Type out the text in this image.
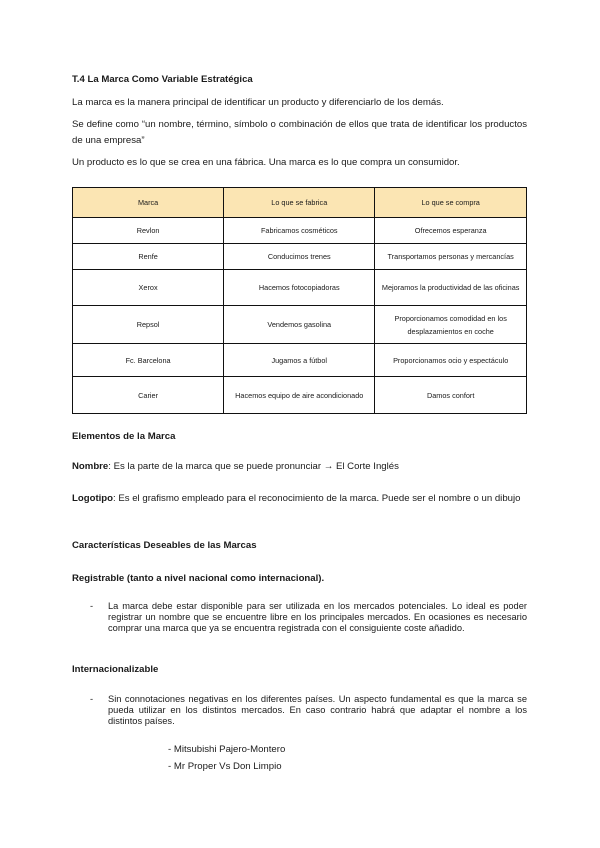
T.4 La Marca Como Variable Estratégica
La marca es la manera principal de identificar un producto y diferenciarlo de los demás.
Se define como “un nombre, término, símbolo o combinación de ellos que trata de identificar los productos de una empresa”
Un producto es lo que se crea en una fábrica. Una marca es lo que compra un consumidor.
Marca	Lo que se fabrica	Lo que se compra
Revlon	Fabricamos cosméticos	Ofrecemos esperanza
Renfe	Conducimos trenes	Transportamos personas y mercancías
Xerox	Hacemos fotocopiadoras	Mejoramos la productividad de las oficinas
Repsol	Vendemos gasolina	Proporcionamos comodidad en los desplazamientos en coche
Fc. Barcelona	Jugamos a fútbol	Proporcionamos ocio y espectáculo
Carier	Hacemos equipo de aire acondicionado	Damos confort
Elementos de la Marca
Nombre: Es la parte de la marca que se puede pronunciar → El Corte Inglés
Logotipo: Es el grafismo empleado para el reconocimiento de la marca. Puede ser el nombre o un dibujo
Características Deseables de las Marcas
Registrable (tanto a nivel nacional como internacional).
- La marca debe estar disponible para ser utilizada en los mercados potenciales. Lo ideal es poder registrar un nombre que se encuentre libre en los principales mercados. En ocasiones es necesario comprar una marca que ya se encuentra registrada con el consiguiente coste añadido.
Internacionalizable
- Sin connotaciones negativas en los diferentes países. Un aspecto fundamental es que la marca se pueda utilizar en los distintos mercados. En caso contrario habrá que adaptar el nombre a los distintos países.
- Mitsubishi Pajero-Montero
- Mr Proper Vs Don Limpio
